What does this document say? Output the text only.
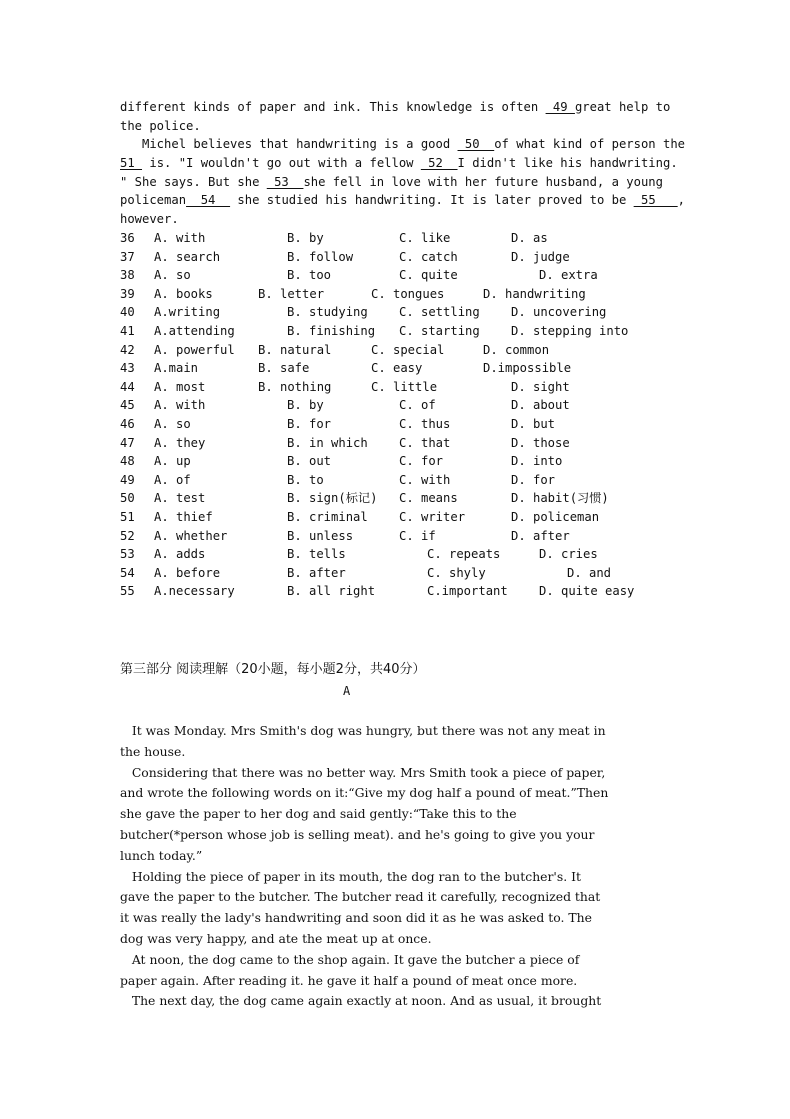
different kinds of paper and ink. This knowledge is often  49 great help to
the police.
Michel believes that handwriting is a good  50  of what kind of person the
51  is. "I wouldn't go out with a fellow  52  I didn't like his handwriting.
" She says. But she  53  she fell in love with her future husband, a young
policeman  54   she studied his handwriting. It is later proved to be  55   ,
however.
36 A. with	B. by	C. like	D. as
37 A. search	B. follow	C. catch	D. judge
38 A. so	B. too	C. quite	D. extra
39 A. books	B. letter	C. tongues	D. handwriting
40 A.writing	B. studying	C. settling	D. uncovering
41 A.attending	B. finishing C. starting	D. stepping into
42 A. powerful B. natural	C. special	D. common
43 A.main	B. safe	C. easy	D.impossible
44 A. most	B. nothing	C. little	D. sight
45 A. with	B. by	C. of	D. about
46 A. so	B. for	C. thus	D. but
47 A. they	B. in which	C. that	D. those
48 A. up	B. out	C. for	D. into
49 A. of	B. to	C. with	D. for
50 A. test	B. sign(标记) C. means	D. habit(习惯)
51 A. thief	B. criminal	C. writer	D. policeman
52 A. whether	B. unless	C. if	D. after
53 A. adds	B. tells	C. repeats	D. cries
54 A. before	B. after	C. shyly	D. and
55 A.necessary	B. all right	C.important	D. quite easy
第三部分 阅读理解（20小题，每小题2分，共40分）
A
It was Monday. Mrs Smith's dog was hungry, but there was not any meat in
the house.
Considering that there was no better way. Mrs Smith took a piece of paper,
and wrote the following words on it:“Give my dog half a pound of meat.”Then
she gave the paper to her dog and said gently:“Take this to the
butcher(*person whose job is selling meat). and he's going to give you your
lunch today.”
Holding the piece of paper in its mouth, the dog ran to the butcher's. It
gave the paper to the butcher. The butcher read it carefully, recognized that
it was really the lady's handwriting and soon did it as he was asked to. The
dog was very happy, and ate the meat up at once.
At noon, the dog came to the shop again. It gave the butcher a piece of
paper again. After reading it. he gave it half a pound of meat once more.
The next day, the dog came again exactly at noon. And as usual, it brought
